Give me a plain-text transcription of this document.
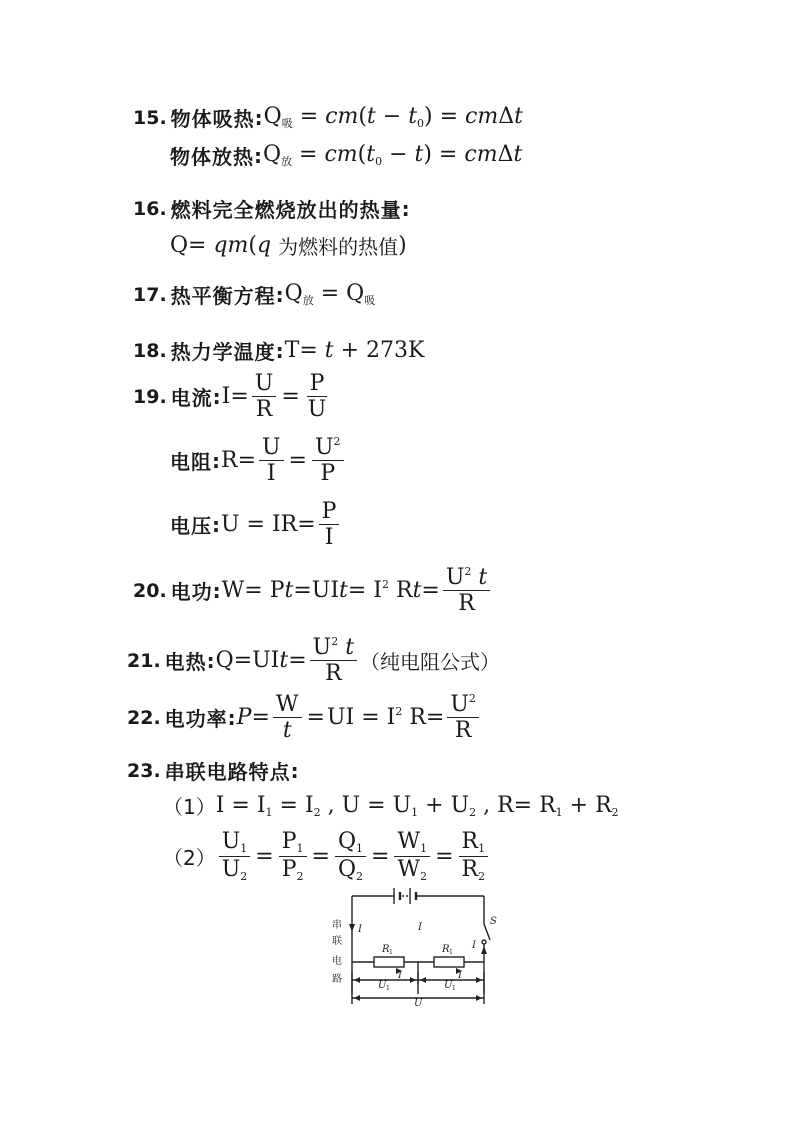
15. 物体吸热 : $Q_吸 = cm(t - t_0) = cm\Delta t$
物体放热 : $Q_放 = cm(t_0 - t) = cm\Delta t$
16. 燃料完全燃烧放出的热量 :
Q= qm(q 为燃料的热值 )
17. 热平衡方程 : $Q_放 = Q_吸$
18. 热力学温度 : T= t + 273K
19. 电流 : $I= \frac{U}{R} = \frac{P}{U}$
电阻 : $R= \frac{U}{I} = \frac{U^2}{P}$
电压 : $U = IR= \frac{P}{I}$
20. 电功 : $W= Pt=UIt= I^2$ $Rt= \frac{U^2 t}{R}$
21. 电热 : $Q=UIt= \frac{U^2 t}{R}$ （纯电阻公式）
22. 电功率 : $P= \frac{W}{t}$ = UI = $I^2$ $R= \frac{U^2}{R}$
23. 串联电路特点 :
（1） $I = I_1 = I_2$ , $U = U_1 + U_2$ , $R= R_1 + R_2$
$(2) \frac{U_1}{U_2} = \frac{P_1}{P_2} = \frac{Q_1}{Q_2} = \frac{W_1}{W_2} = \frac{R_1}{R_2}$
串
联
电
路
S
I	I
I
R 1	R 1
I	I
U 1	U 1
U
